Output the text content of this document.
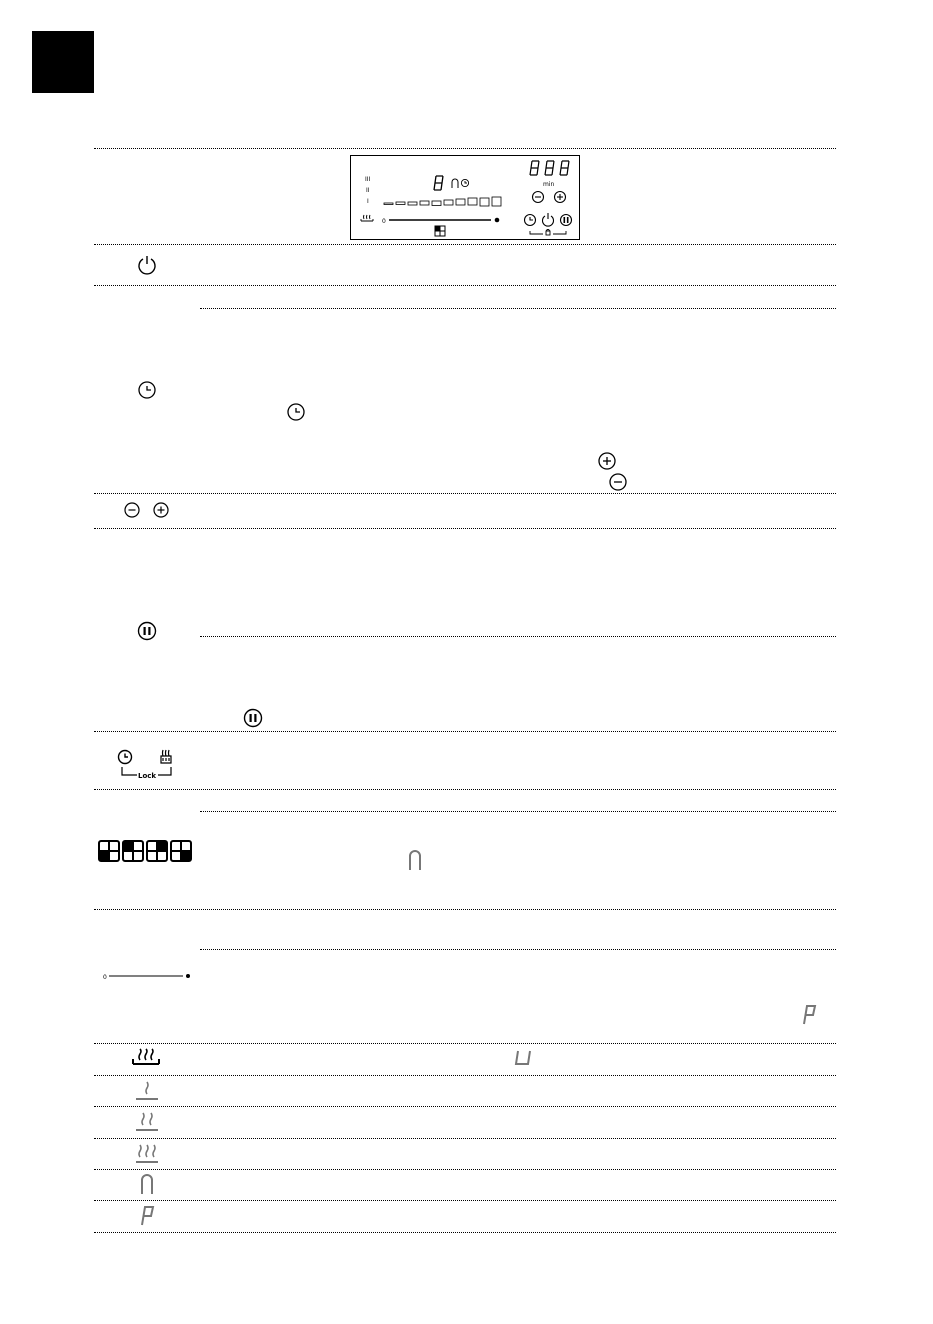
III
II
I
0
min
Lock
0
